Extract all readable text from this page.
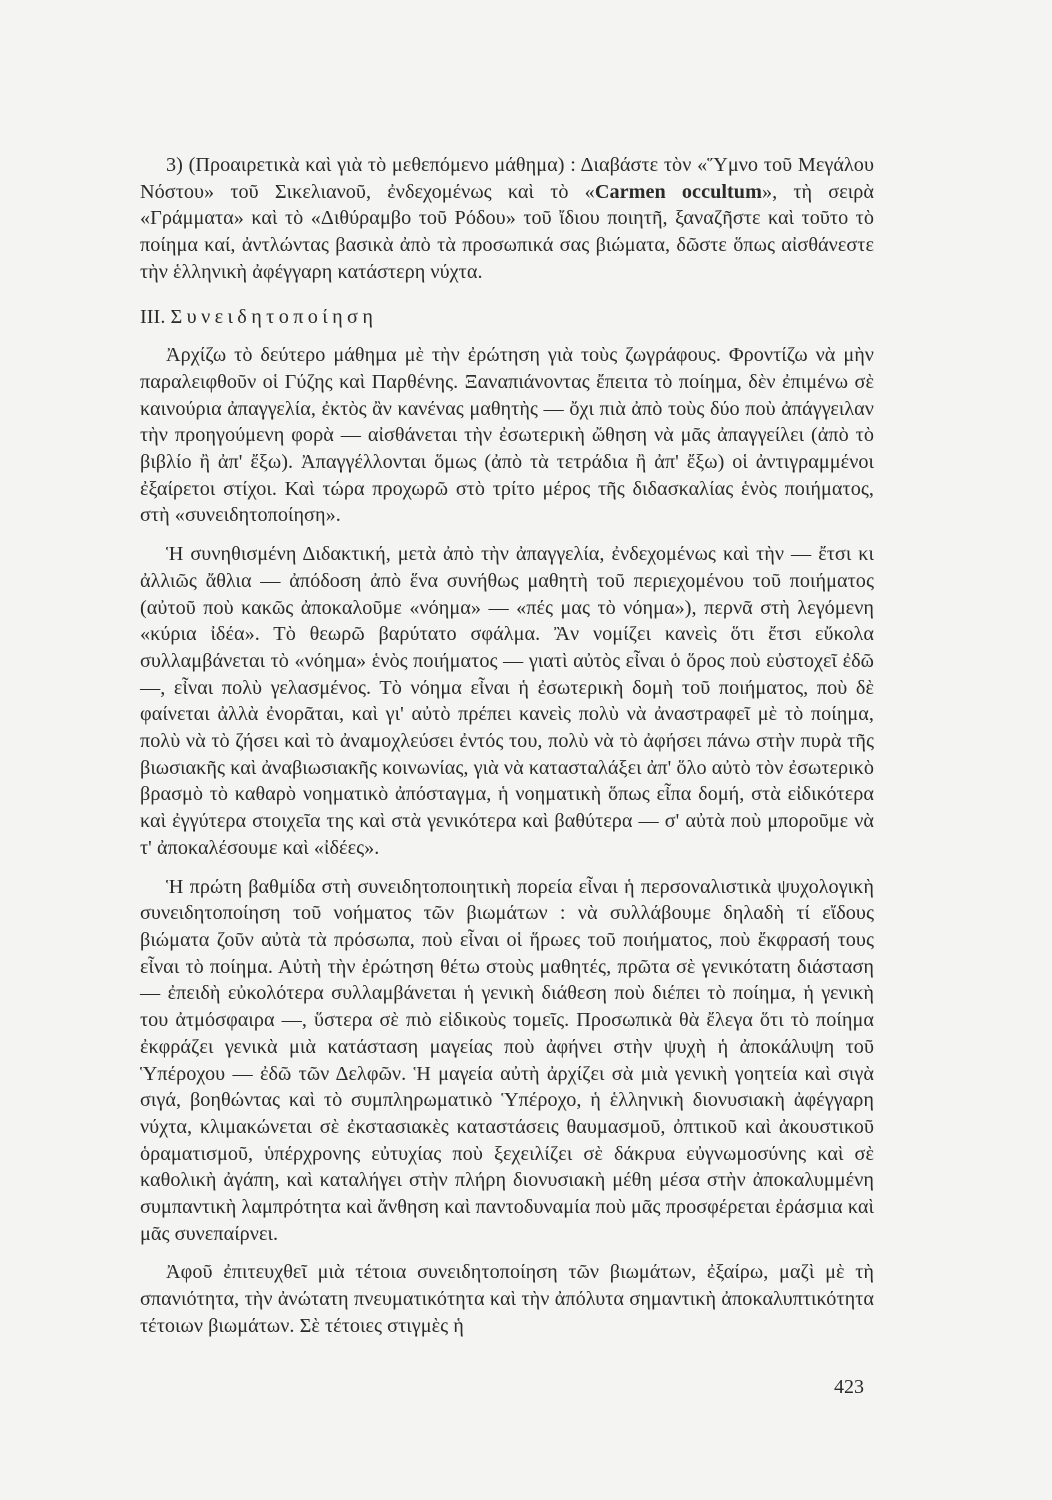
3) (Προαιρετικὰ καὶ γιὰ τὸ μεθεπόμενο μάθημα) : Διαβάστε τὸν «Ὕμνο τοῦ Μεγάλου Νόστου» τοῦ Σικελιανοῦ, ἐνδεχομένως καὶ τὸ «Carmen occultum», τὴ σειρὰ «Γράμματα» καὶ τὸ «Διθύραμβο τοῦ Ρόδου» τοῦ ἴδιου ποιητῆ, ξαναζῆστε καὶ τοῦτο τὸ ποίημα καί, ἀντλώντας βασικὰ ἀπὸ τὰ προσωπικά σας βιώματα, δῶστε ὅπως αἰσθάνεστε τὴν ἑλληνικὴ ἀφέγγαρη κατάστερη νύχτα.

III. Συνειδητοποίηση

Ἀρχίζω τὸ δεύτερο μάθημα μὲ τὴν ἐρώτηση γιὰ τοὺς ζωγράφους. Φροντίζω νὰ μὴν παραλειφθοῦν οἱ Γύζης καὶ Παρθένης. Ξαναπιάνοντας ἔπειτα τὸ ποίημα, δὲν ἐπιμένω σὲ καινούρια ἀπαγγελία, ἐκτὸς ἂν κανένας μαθητὴς — ὄχι πιὰ ἀπὸ τοὺς δύο ποὺ ἀπάγγειλαν τὴν προηγούμενη φορὰ — αἰσθάνεται τὴν ἐσωτερικὴ ὤθηση νὰ μᾶς ἀπαγγείλει (ἀπὸ τὸ βιβλίο ἢ ἀπ' ἔξω). Ἀπαγγέλλονται ὅμως (ἀπὸ τὰ τετράδια ἢ ἀπ' ἔξω) οἱ ἀντιγραμμένοι ἐξαίρετοι στίχοι. Καὶ τώρα προχωρῶ στὸ τρίτο μέρος τῆς διδασκαλίας ἑνὸς ποιήματος, στὴ «συνειδητοποίηση».

Ἡ συνηθισμένη Διδακτική, μετὰ ἀπὸ τὴν ἀπαγγελία, ἐνδεχομένως καὶ τὴν — ἔτσι κι ἀλλιῶς ἄθλια — ἀπόδοση ἀπὸ ἕνα συνήθως μαθητὴ τοῦ περιεχομένου τοῦ ποιήματος (αὐτοῦ ποὺ κακῶς ἀποκαλοῦμε «νόημα» — «πές μας τὸ νόημα»), περνᾶ στὴ λεγόμενη «κύρια ἰδέα». Τὸ θεωρῶ βαρύτατο σφάλμα. Ἂν νομίζει κανεὶς ὅτι ἔτσι εὔκολα συλλαμβάνεται τὸ «νόημα» ἑνὸς ποιήματος — γιατὶ αὐτὸς εἶναι ὁ ὅρος ποὺ εὐστοχεῖ ἐδῶ —, εἶναι πολὺ γελασμένος. Τὸ νόημα εἶναι ἡ ἐσωτερικὴ δομὴ τοῦ ποιήματος, ποὺ δὲ φαίνεται ἀλλὰ ἐνορᾶται, καὶ γι' αὐτὸ πρέπει κανεὶς πολὺ νὰ ἀναστραφεῖ μὲ τὸ ποίημα, πολὺ νὰ τὸ ζήσει καὶ τὸ ἀναμοχλεύσει ἐντός του, πολὺ νὰ τὸ ἀφήσει πάνω στὴν πυρὰ τῆς βιωσιακῆς καὶ ἀναβιωσιακῆς κοινωνίας, γιὰ νὰ κατασταλάξει ἀπ' ὅλο αὐτὸ τὸν ἐσωτερικὸ βρασμὸ τὸ καθαρὸ νοηματικὸ ἀπόσταγμα, ἡ νοηματικὴ ὅπως εἶπα δομή, στὰ εἰδικότερα καὶ ἐγγύτερα στοιχεῖα της καὶ στὰ γενικότερα καὶ βαθύτερα — σ' αὐτὰ ποὺ μποροῦμε νὰ τ' ἀποκαλέσουμε καὶ «ἰδέες».

Ἡ πρώτη βαθμίδα στὴ συνειδητοποιητικὴ πορεία εἶναι ἡ περσοναλιστικὰ ψυχολογικὴ συνειδητοποίηση τοῦ νοήματος τῶν βιωμάτων : νὰ συλλάβουμε δηλαδὴ τί εἴδους βιώματα ζοῦν αὐτὰ τὰ πρόσωπα, ποὺ εἶναι οἱ ἥρωες τοῦ ποιήματος, ποὺ ἔκφρασή τους εἶναι τὸ ποίημα. Αὐτὴ τὴν ἐρώτηση θέτω στοὺς μαθητές, πρῶτα σὲ γενικότατη διάσταση — ἐπειδὴ εὐκολότερα συλλαμβάνεται ἡ γενικὴ διάθεση ποὺ διέπει τὸ ποίημα, ἡ γενικὴ του ἀτμόσφαιρα —, ὕστερα σὲ πιὸ εἰδικοὺς τομεῖς. Προσωπικὰ θὰ ἔλεγα ὅτι τὸ ποίημα ἐκφράζει γενικὰ μιὰ κατάσταση μαγείας ποὺ ἀφήνει στὴν ψυχὴ ἡ ἀποκάλυψη τοῦ Ὑπέροχου — ἐδῶ τῶν Δελφῶν. Ἡ μαγεία αὐτὴ ἀρχίζει σὰ μιὰ γενικὴ γοητεία καὶ σιγὰ σιγά, βοηθώντας καὶ τὸ συμπληρωματικὸ Ὑπέροχο, ἡ ἑλληνικὴ διονυσιακὴ ἀφέγγαρη νύχτα, κλιμακώνεται σὲ ἐκστασιακὲς καταστάσεις θαυμασμοῦ, ὀπτικοῦ καὶ ἀκουστικοῦ ὁραματισμοῦ, ὑπέρχρονης εὐτυχίας ποὺ ξεχειλίζει σὲ δάκρυα εὐγνωμοσύνης καὶ σὲ καθολικὴ ἀγάπη, καὶ καταλήγει στὴν πλήρη διονυσιακὴ μέθη μέσα στὴν ἀποκαλυμμένη συμπαντικὴ λαμπρότητα καὶ ἄνθηση καὶ παντοδυναμία ποὺ μᾶς προσφέρεται ἐράσμια καὶ μᾶς συνεπαίρνει.

Ἀφοῦ ἐπιτευχθεῖ μιὰ τέτοια συνειδητοποίηση τῶν βιωμάτων, ἐξαίρω, μαζὶ μὲ τὴ σπανιότητα, τὴν ἀνώτατη πνευματικότητα καὶ τὴν ἀπόλυτα σημαντικὴ ἀποκαλυπτικότητα τέτοιων βιωμάτων. Σὲ τέτοιες στιγμὲς ἡ

423
